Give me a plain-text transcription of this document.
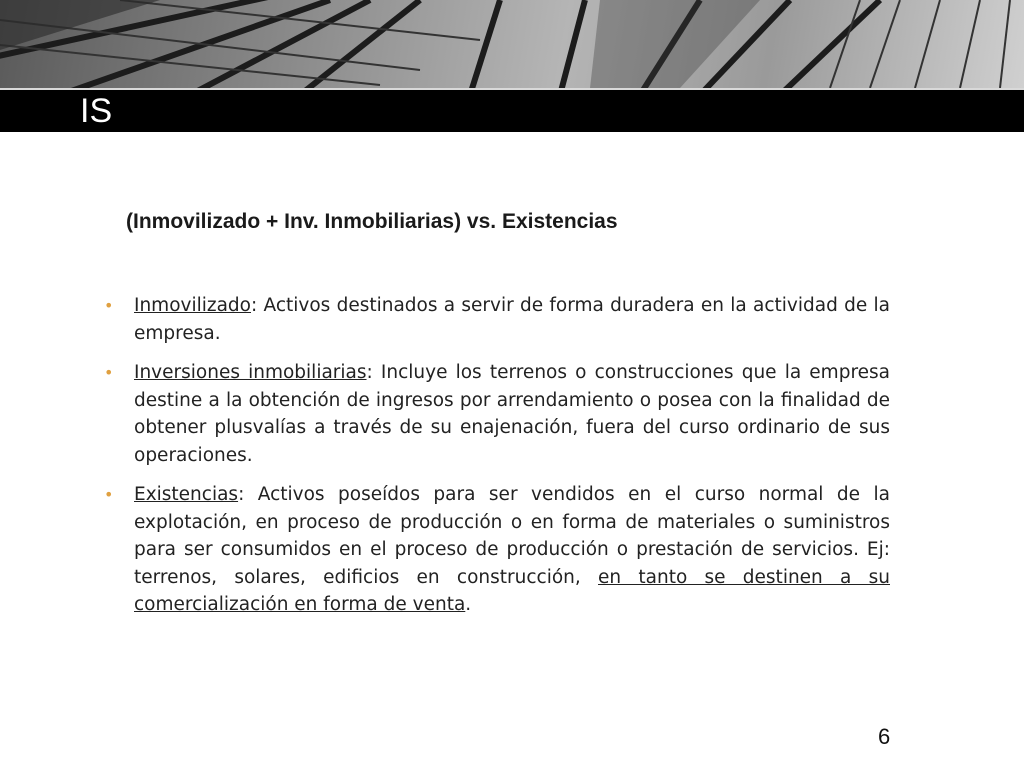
IS
(Inmovilizado + Inv. Inmobiliarias) vs. Existencias
• Inmovilizado: Activos destinados a servir de forma duradera en la actividad de la empresa.
• Inversiones inmobiliarias: Incluye los terrenos o construcciones que la empresa destine a la obtención de ingresos por arrendamiento o posea con la finalidad de obtener plusvalías a través de su enajenación, fuera del curso ordinario de sus operaciones.
• Existencias: Activos poseídos para ser vendidos en el curso normal de la explotación, en proceso de producción o en forma de materiales o suministros para ser consumidos en el proceso de producción o prestación de servicios. Ej: terrenos, solares, edificios en construcción, en tanto se destinen a su comercialización en forma de venta.
6
